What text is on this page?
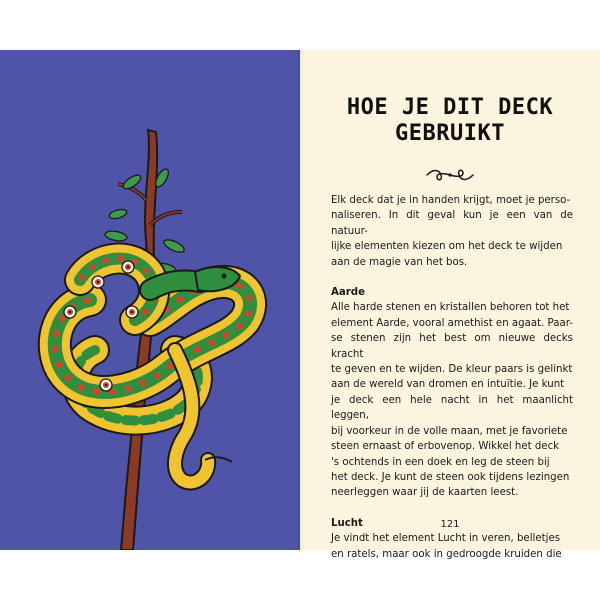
HOE JE DIT DECK
GEBRUIKT

Elk deck dat je in handen krijgt, moet je perso-

naliseren. In dit geval kun je een van de natuur-

lijke elementen kiezen om het deck te wijden

aan de magie van het bos.

Aarde

Alle harde stenen en kristallen behoren tot het

element Aarde, vooral amethist en agaat. Paar-

se stenen zijn het best om nieuwe decks kracht

te geven en te wijden. De kleur paars is gelinkt

aan de wereld van dromen en intuïtie. Je kunt

je deck een hele nacht in het maanlicht leggen,

bij voorkeur in de volle maan, met je favoriete

steen ernaast of erbovenop. Wikkel het deck

's ochtends in een doek en leg de steen bij

het deck. Je kunt de steen ook tijdens lezingen

neerleggen waar jij de kaarten leest.

Lucht

Je vindt het element Lucht in veren, belletjes

en ratels, maar ook in gedroogde kruiden die

121
